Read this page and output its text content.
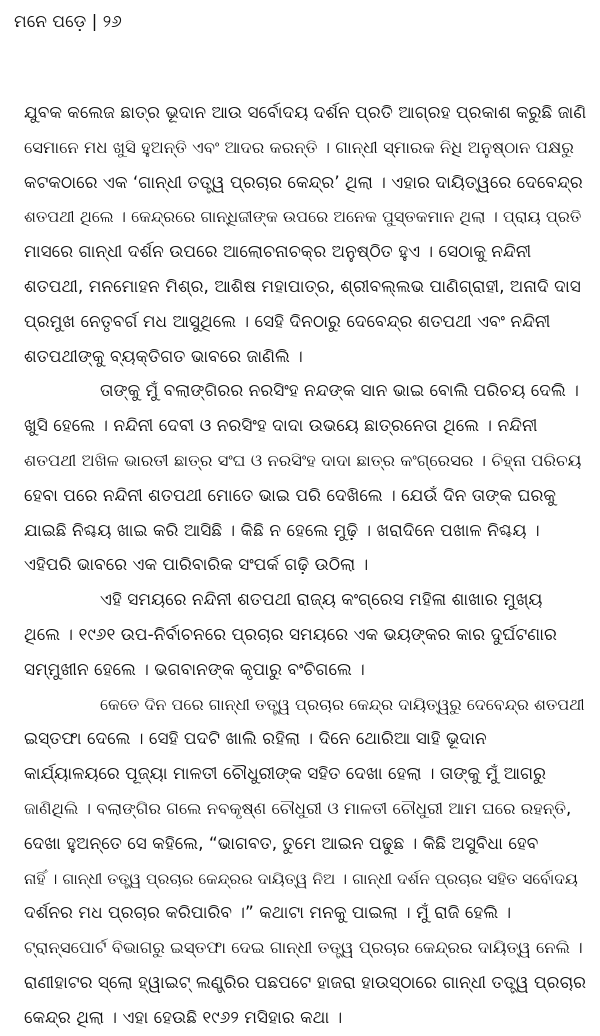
ମନେ ପଡ଼େ | ୨୬
ଯୁବକ କଲେଜ ଛାତ୍ର ଭୂଦାନ ଆଉ ସର୍ବୋଦୟ ଦର୍ଶନ ପ୍ରତି ଆଗ୍ରହ ପ୍ରକାଶ କରୁଛି ଜାଣି
ସେମାନେ ମଧ ଖୁସି ହୁଅନ୍ତି ଏବଂ ଆଦର କରନ୍ତି । ଗାନ୍ଧୀ ସ୍ମାରକ ନିଧି ଅନୁଷ୍ଠାନ ପକ୍ଷରୁ
କଟକଠାରେ ଏକ ‘ଗାନ୍ଧୀ ତତ୍ତ୍ୱ ପ୍ରଚାର କେନ୍ଦ୍ର’ ଥିଲା । ଏହାର ଦାୟିତ୍ୱରେ ଦେବେନ୍ଦ୍ର
ଶତପଥୀ ଥିଲେ । କେନ୍ଦ୍ରରେ ଗାନ୍ଧିଜୀଙ୍କ ଉପରେ ଅନେକ ପୁସ୍ତକମାନ ଥିଲା । ପ୍ରାୟ ପ୍ରତି
ମାସରେ ଗାନ୍ଧୀ ଦର୍ଶନ ଉପରେ ଆଲୋଚନାଚକ୍ର ଅନୁଷ୍ଠିତ ହୁଏ । ସେଠାକୁ ନନ୍ଦିନୀ
ଶତପଥୀ, ମନମୋହନ ମିଶ୍ର, ଆଶିଷ ମହାପାତ୍ର, ଶ୍ରୀବଲ୍ଲଭ ପାଣିଗ୍ରାହୀ, ଅନାଦି ଦାସ
ପ୍ରମୁଖ ନେତୃବର୍ଗ ମଧ ଆସୁଥିଲେ । ସେହି ଦିନଠାରୁ ଦେବେନ୍ଦ୍ର ଶତପଥୀ ଏବଂ ନନ୍ଦିନୀ
ଶତପଥୀଙ୍କୁ ବ୍ୟକ୍ତିଗତ ଭାବରେ ଜାଣିଲି ।
ତାଙ୍କୁ ମୁଁ ବଲାଙ୍ଗିରର ନରସିଂହ ନନ୍ଦଙ୍କ ସାନ ଭାଇ ବୋଲି ପରିଚୟ ଦେଲି ।
ଖୁସି ହେଲେ । ନନ୍ଦିନୀ ଦେବୀ ଓ ନରସିଂହ ଦାଦା ଉଭୟେ ଛାତ୍ରନେତା ଥିଲେ । ନନ୍ଦିନୀ
ଶତପଥୀ ଅଖିଳ ଭାରତୀ ଛାତ୍ର ସଂଘ ଓ ନରସିଂହ ଦାଦା ଛାତ୍ର କଂଗ୍ରେସର । ଚିହ୍ନା ପରିଚୟ
ହେବା ପରେ ନନ୍ଦିନୀ ଶତପଥୀ ମୋତେ ଭାଇ ପରି ଦେଖିଲେ । ଯେଉଁ ଦିନ ତାଙ୍କ ଘରକୁ
ଯାଇଛି ନିଶ୍ଚୟ ଖାଇ କରି ଆସିଛି । କିଛି ନ ହେଲେ ମୁଢ଼ି । ଖରାଦିନେ ପଖାଳ ନିଶ୍ଚୟ ।
ଏହିପରି ଭାବରେ ଏକ ପାରିବାରିକ ସଂପର୍କ ଗଢ଼ି ଉଠିଲା ।
ଏହି ସମୟରେ ନନ୍ଦିନୀ ଶତପଥୀ ରାଜ୍ୟ କଂଗ୍ରେସ ମହିଳା ଶାଖାର ମୁଖ୍ୟ
ଥିଲେ । ୧୯୬୧ ଉପ-ନିର୍ବାଚନରେ ପ୍ରଚାର ସମୟରେ ଏକ ଭୟଙ୍କର କାର ଦୁର୍ଘଟଣାର
ସମ୍ମୁଖୀନ ହେଲେ । ଭଗବାନଙ୍କ କୃପାରୁ ବଂଚିଗଲେ ।
କେତେ ଦିନ ପରେ ଗାନ୍ଧୀ ତତ୍ତ୍ୱ ପ୍ରଚାର କେନ୍ଦ୍ର ଦାୟିତ୍ୱରୁ ଦେବେନ୍ଦ୍ର ଶତପଥୀ
ଇସ୍ତଫା ଦେଲେ । ସେହି ପଦଟି ଖାଲି ରହିଲା । ଦିନେ ଥୋରିଆ ସାହି ଭୂଦାନ
କାର୍ଯ୍ୟାଳୟରେ ପୂଜ୍ୟା ମାଳତୀ ଚୌଧୁରୀଙ୍କ ସହିତ ଦେଖା ହେଲା । ତାଙ୍କୁ ମୁଁ ଆଗରୁ
ଜାଣିଥିଲି । ବଲାଙ୍ଗିର ଗଲେ ନବକୃଷ୍ଣ ଚୌଧୁରୀ ଓ ମାଳତୀ ଚୌଧୁରୀ ଆମ ଘରେ ରହନ୍ତି,
ଦେଖା ହୁଅନ୍ତେ ସେ କହିଲେ, “ଭାଗବତ, ତୁମେ ଆଇନ ପଢୁଛ । କିଛି ଅସୁବିଧା ହେବ
ନାହିଁ । ଗାନ୍ଧୀ ତତ୍ତ୍ୱ ପ୍ରଚାର କେନ୍ଦ୍ରର ଦାୟିତ୍ୱ ନିଅ । ଗାନ୍ଧୀ ଦର୍ଶନ ପ୍ରଚାର ସହିତ ସର୍ବୋଦୟ
ଦର୍ଶନର ମଧ ପ୍ରଚାର କରିପାରିବ ।” କଥାଟା ମନକୁ ପାଇଲା । ମୁଁ ରାଜି ହେଲି ।
ଟ୍ରାନ୍ସପୋର୍ଟ ବିଭାଗରୁ ଇସ୍ତଫା ଦେଇ ଗାନ୍ଧୀ ତତ୍ତ୍ୱ ପ୍ରଚାର କେନ୍ଦ୍ରର ଦାୟିତ୍ୱ ନେଲି ।
ରାଣୀହାଟର ସ୍ଲୋ ହ୍ୱାଇଟ୍ ଲଣ୍ଡ୍ରିର ପଛପଟେ ହାଜରା ହାଉସ୍ଠାରେ ଗାନ୍ଧୀ ତତ୍ତ୍ୱ ପ୍ରଚାର
କେନ୍ଦ୍ର ଥିଲା । ଏହା ହେଉଛି ୧୯୬୨ ମସିହାର କଥା ।
